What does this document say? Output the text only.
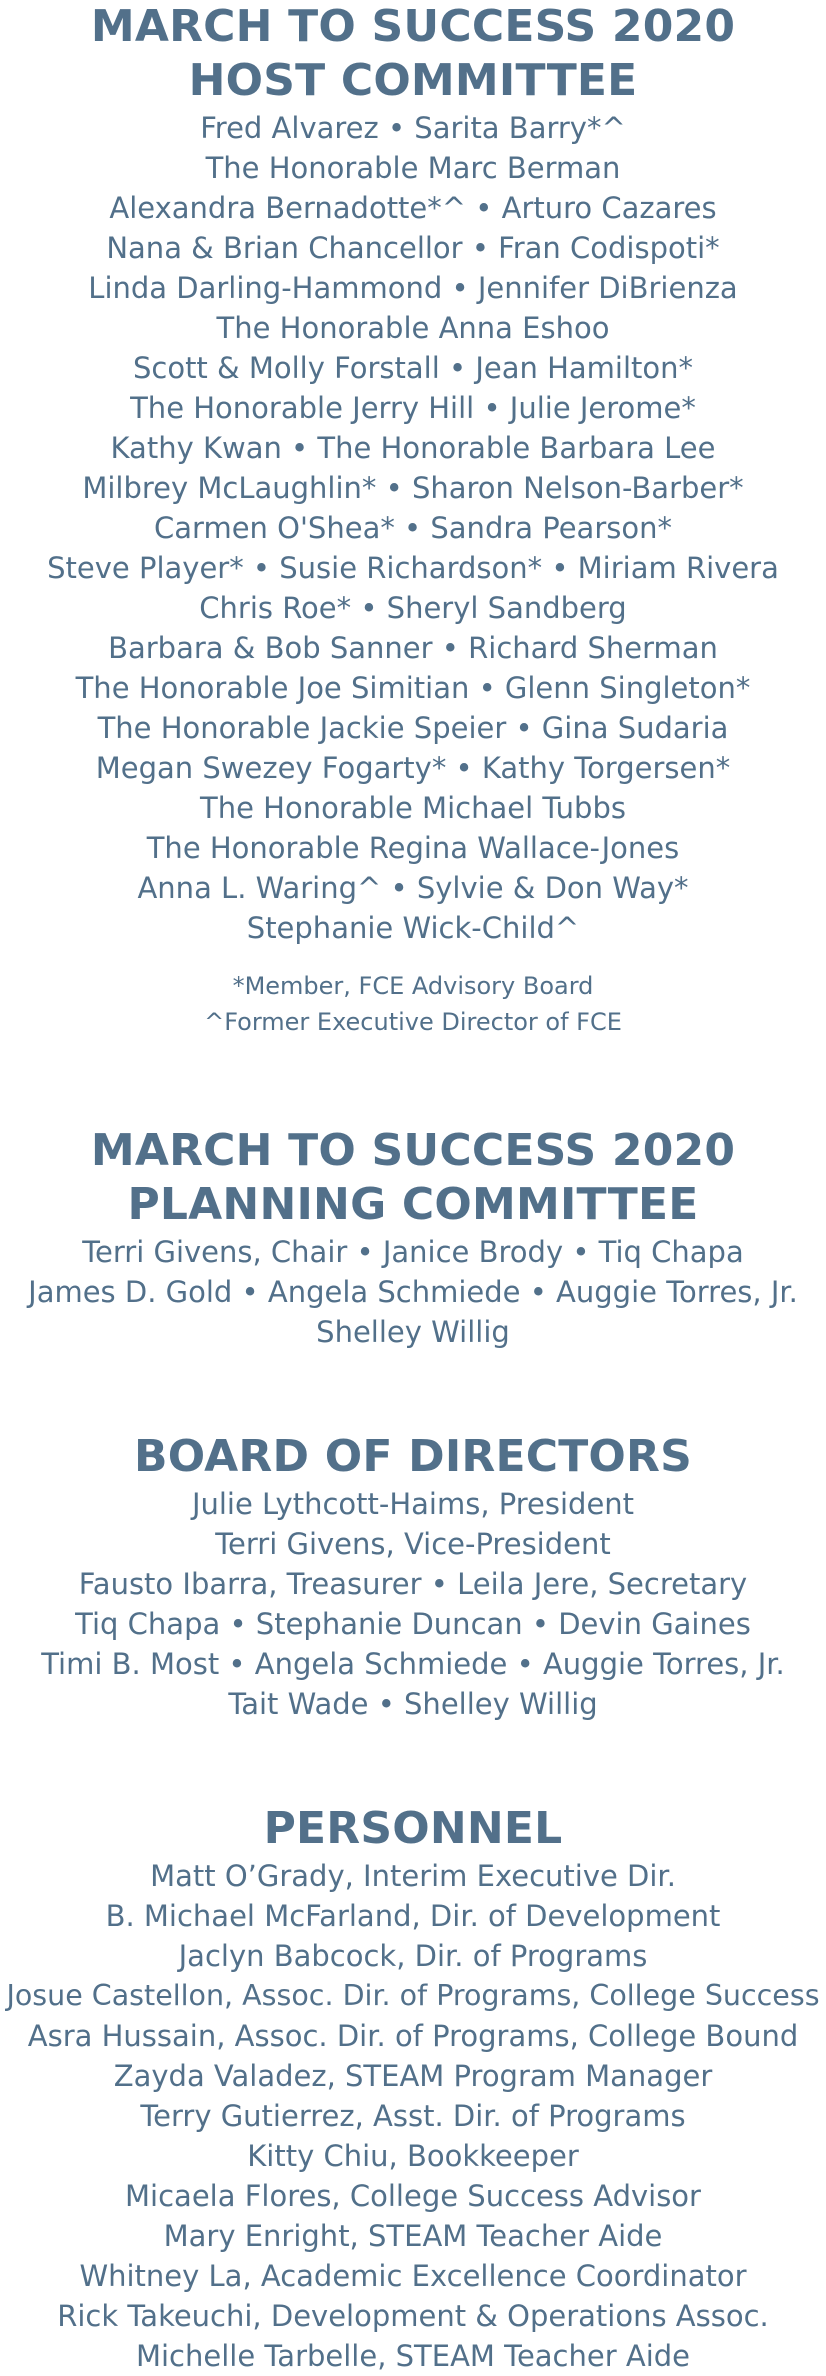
MARCH TO SUCCESS 2020
HOST COMMITTEE

Fred Alvarez • Sarita Barry*^

The Honorable Marc Berman

Alexandra Bernadotte*^ • Arturo Cazares

Nana & Brian Chancellor • Fran Codispoti*

Linda Darling-Hammond • Jennifer DiBrienza

The Honorable Anna Eshoo

Scott & Molly Forstall • Jean Hamilton*

The Honorable Jerry Hill • Julie Jerome*

Kathy Kwan • The Honorable Barbara Lee

Milbrey McLaughlin* • Sharon Nelson-Barber*

Carmen O'Shea* • Sandra Pearson*

Steve Player* • Susie Richardson* • Miriam Rivera

Chris Roe* • Sheryl Sandberg

Barbara & Bob Sanner • Richard Sherman

The Honorable Joe Simitian • Glenn Singleton*

The Honorable Jackie Speier • Gina Sudaria

Megan Swezey Fogarty* • Kathy Torgersen*

The Honorable Michael Tubbs

The Honorable Regina Wallace-Jones

Anna L. Waring^ • Sylvie & Don Way*

Stephanie Wick-Child^

*Member, FCE Advisory Board

^Former Executive Director of FCE

MARCH TO SUCCESS 2020
PLANNING COMMITTEE

Terri Givens, Chair • Janice Brody • Tiq Chapa

James D. Gold • Angela Schmiede • Auggie Torres, Jr.

Shelley Willig

BOARD OF DIRECTORS

Julie Lythcott-Haims, President

Terri Givens, Vice-President

Fausto Ibarra, Treasurer • Leila Jere, Secretary

Tiq Chapa • Stephanie Duncan • Devin Gaines

Timi B. Most • Angela Schmiede • Auggie Torres, Jr.

Tait Wade • Shelley Willig

PERSONNEL

Matt O’Grady, Interim Executive Dir.

B. Michael McFarland, Dir. of Development

Jaclyn Babcock, Dir. of Programs

Josue Castellon, Assoc. Dir. of Programs, College Success

Asra Hussain, Assoc. Dir. of Programs, College Bound

Zayda Valadez, STEAM Program Manager

Terry Gutierrez, Asst. Dir. of Programs

Kitty Chiu, Bookkeeper

Micaela Flores, College Success Advisor

Mary Enright, STEAM Teacher Aide

Whitney La, Academic Excellence Coordinator

Rick Takeuchi, Development & Operations Assoc.

Michelle Tarbelle, STEAM Teacher Aide
